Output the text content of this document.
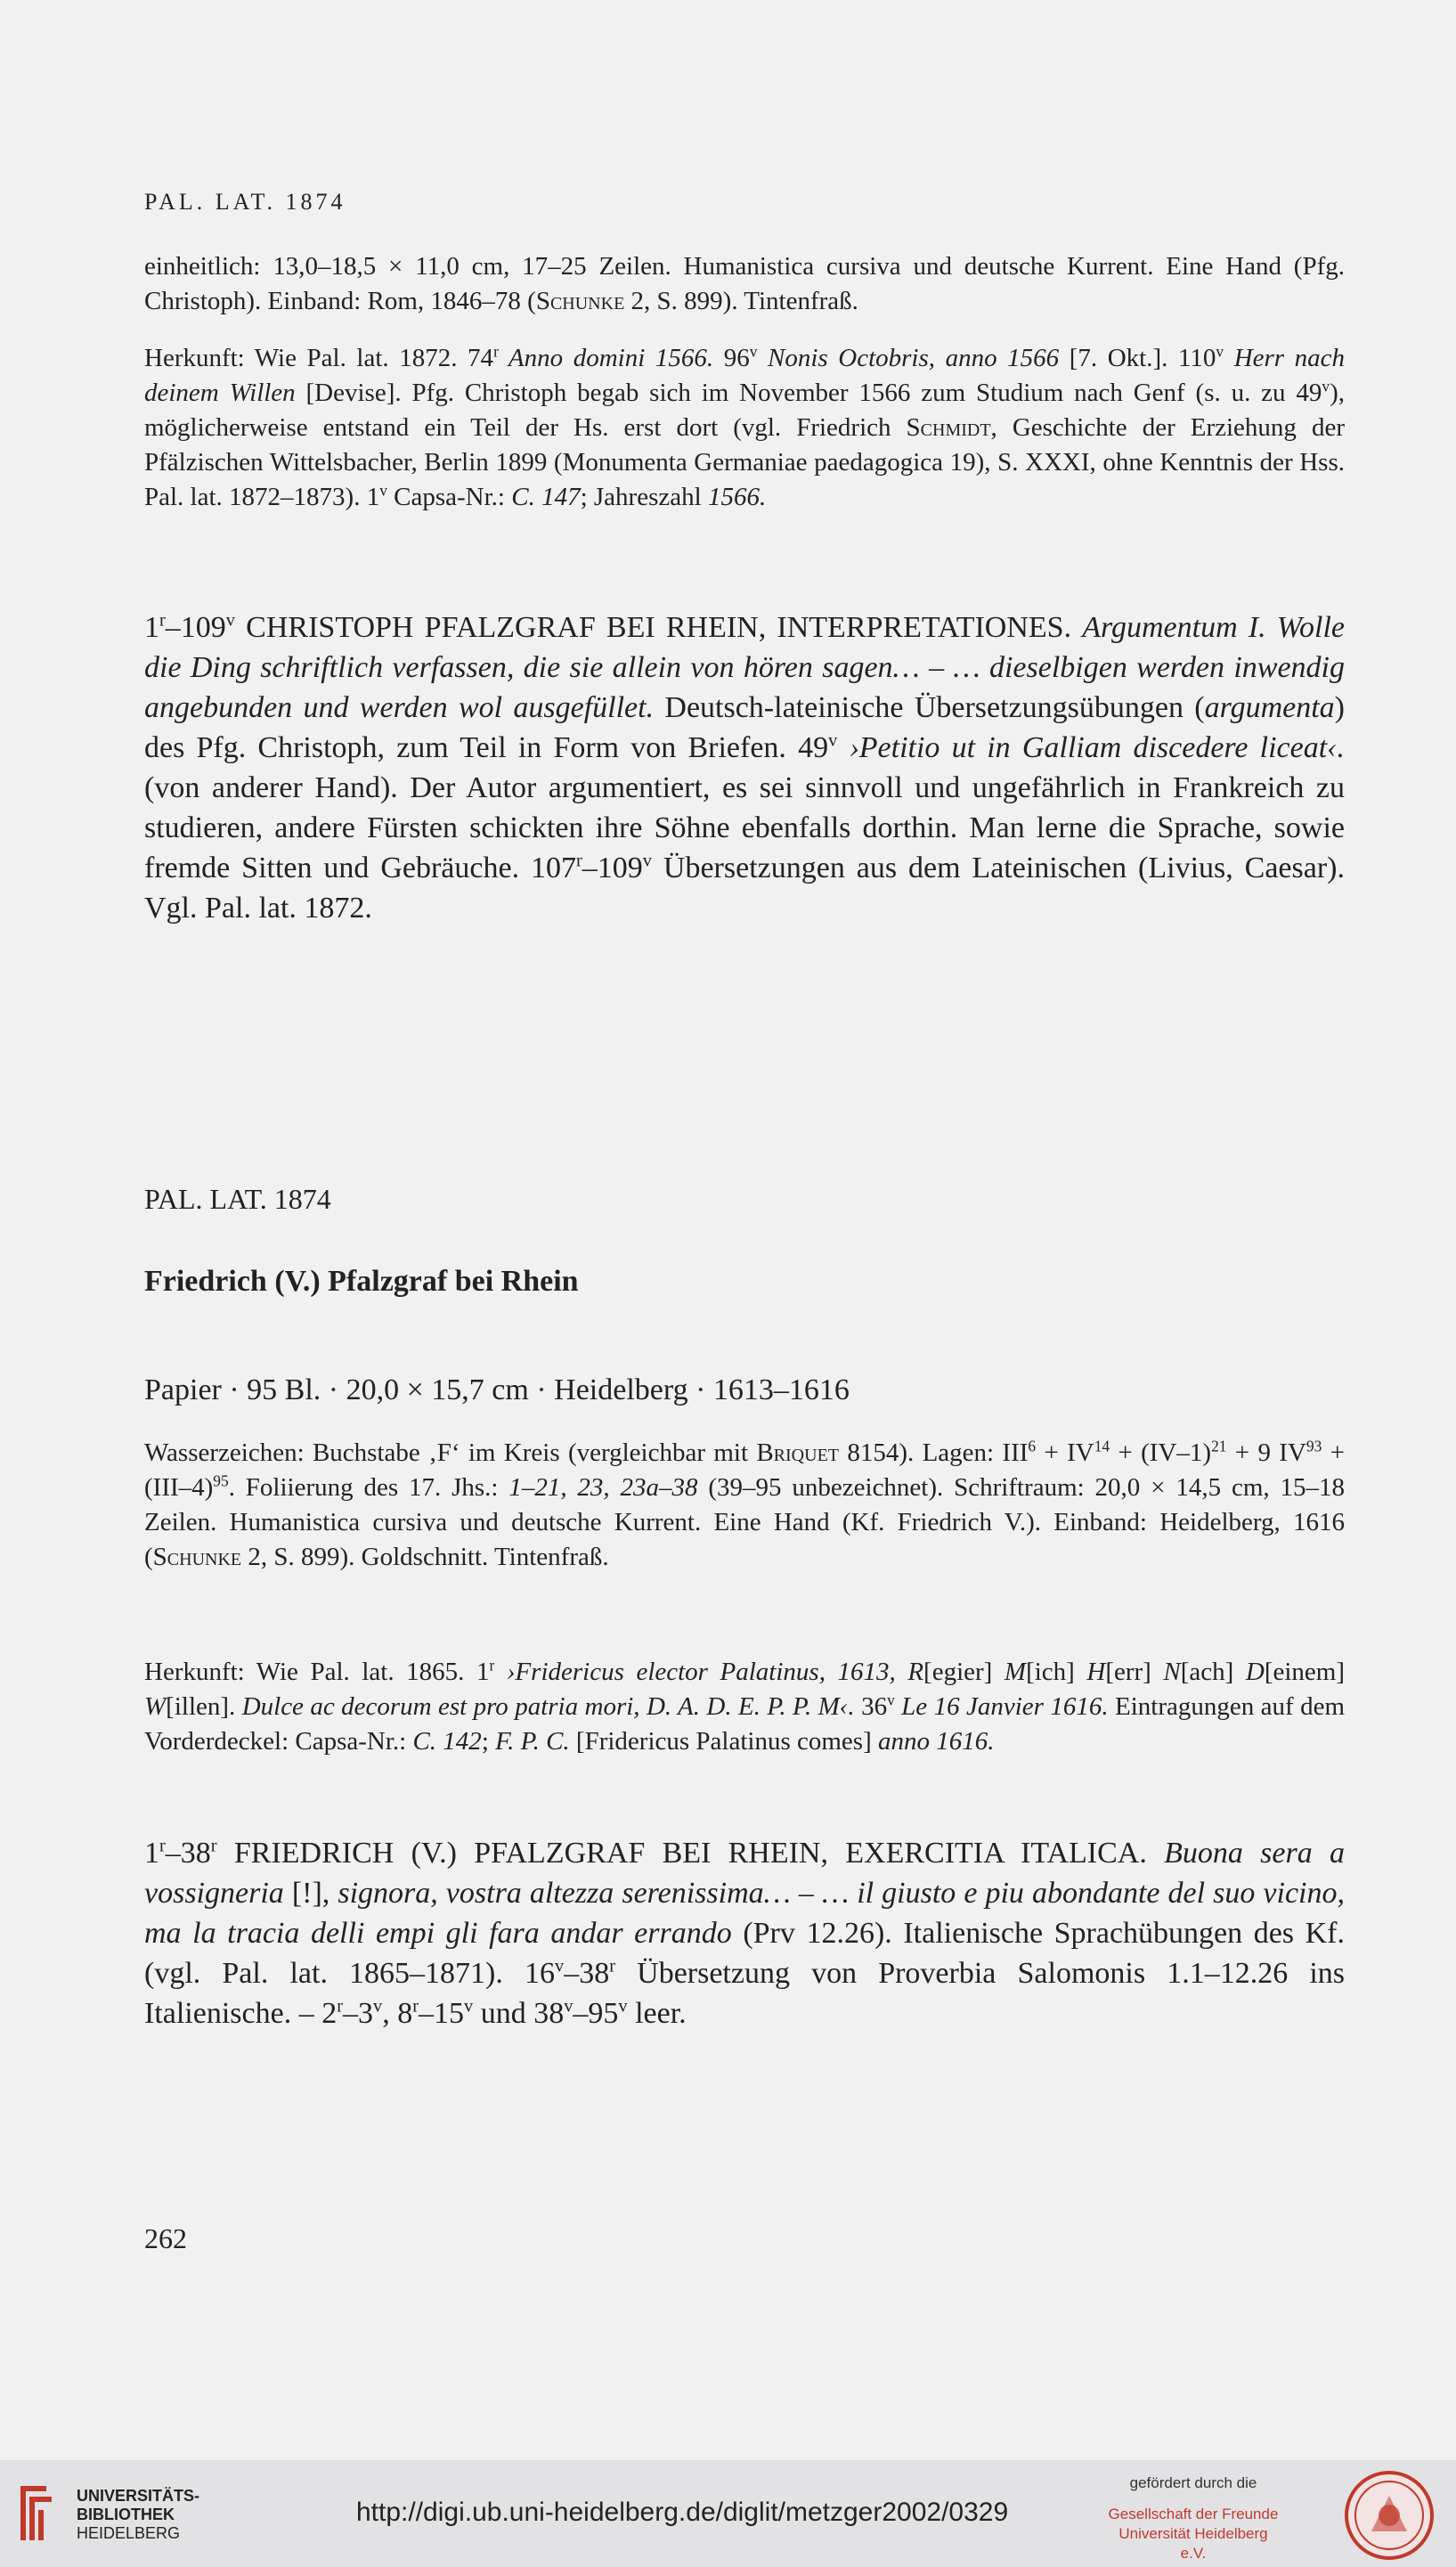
PAL. LAT. 1874
einheitlich: 13,0–18,5 × 11,0 cm, 17–25 Zeilen. Humanistica cursiva und deutsche Kurrent. Eine Hand (Pfg. Christoph). Einband: Rom, 1846–78 (Schunke 2, S. 899). Tintenfraß.
Herkunft: Wie Pal. lat. 1872. 74$^r$ Anno domini 1566. 96$^v$ Nonis Octobris, anno 1566 [7. Okt.]. 110$^v$ Herr nach deinem Willen [Devise]. Pfg. Christoph begab sich im November 1566 zum Studium nach Genf (s. u. zu 49$^v$), möglicherweise entstand ein Teil der Hs. erst dort (vgl. Friedrich Schmidt, Geschichte der Erziehung der Pfälzischen Wittelsbacher, Berlin 1899 (Monumenta Germaniae paedagogica 19), S. XXXI, ohne Kenntnis der Hss. Pal. lat. 1872–1873). 1$^v$ Capsa-Nr.: C. 147; Jahreszahl 1566.
1$^r$–109$^v$ CHRISTOPH PFALZGRAF BEI RHEIN, INTERPRETATIONES. Argumentum I. Wolle die Ding schriftlich verfassen, die sie allein von hören sagen… – … dieselbigen werden inwendig angebunden und werden wol ausgefüllet. Deutsch-lateinische Übersetzungsübungen (argumenta) des Pfg. Christoph, zum Teil in Form von Briefen. 49$^v$ ›Petitio ut in Galliam discedere liceat‹. (von anderer Hand). Der Autor argumentiert, es sei sinnvoll und ungefährlich in Frankreich zu studieren, andere Fürsten schickten ihre Söhne ebenfalls dorthin. Man lerne die Sprache, sowie fremde Sitten und Gebräuche. 107$^r$–109$^v$ Übersetzungen aus dem Lateinischen (Livius, Caesar). Vgl. Pal. lat. 1872.
PAL. LAT. 1874
Friedrich (V.) Pfalzgraf bei Rhein
Papier · 95 Bl. · 20,0 × 15,7 cm · Heidelberg · 1613–1616
Wasserzeichen: Buchstabe ‚F‘ im Kreis (vergleichbar mit Briquet 8154). Lagen: $III^6 + IV^{14} + (IV-1)^{21} + 9$ $IV^{93} + (III-4)^{95}$. Foliierung des 17. Jhs.: 1–21, 23, 23a–38 (39–95 unbezeichnet). Schriftraum: 20,0 × 14,5 cm, 15–18 Zeilen. Humanistica cursiva und deutsche Kurrent. Eine Hand (Kf. Friedrich V.). Einband: Heidelberg, 1616 (Schunke 2, S. 899). Goldschnitt. Tintenfraß.
Herkunft: Wie Pal. lat. 1865. 1$^r$ ›Fridericus elector Palatinus, 1613, R[egier] M[ich] H[err] N[ach] D[einem] W[illen]. Dulce ac decorum est pro patria mori, D. A. D. E. P. P. M‹. 36$^v$ Le 16 Janvier 1616. Eintragungen auf dem Vorderdeckel: Capsa-Nr.: C. 142; F. P. C. [Fridericus Palatinus comes] anno 1616.
1$^r$–38$^r$ FRIEDRICH (V.) PFALZGRAF BEI RHEIN, EXERCITIA ITALICA. Buona sera a vossigneria [!], signora, vostra altezza serenissima… – … il giusto e piu abondante del suo vicino, ma la tracia delli empi gli fara andar errando (Prv 12.26). Italienische Sprachübungen des Kf. (vgl. Pal. lat. 1865–1871). 16$^v$–38$^r$ Übersetzung von Proverbia Salomonis 1.1–12.26 ins Italienische. – 2$^r$–3$^v$, 8$^r$–15$^v$ und 38$^v$–95$^v$ leer.
262
UNIVERSITÄTS-
BIBLIOTHEK
HEIDELBERG
http://digi.ub.uni-heidelberg.de/diglit/metzger2002/0329
gefördert durch die
Gesellschaft der Freunde
Universität Heidelberg e.V.
